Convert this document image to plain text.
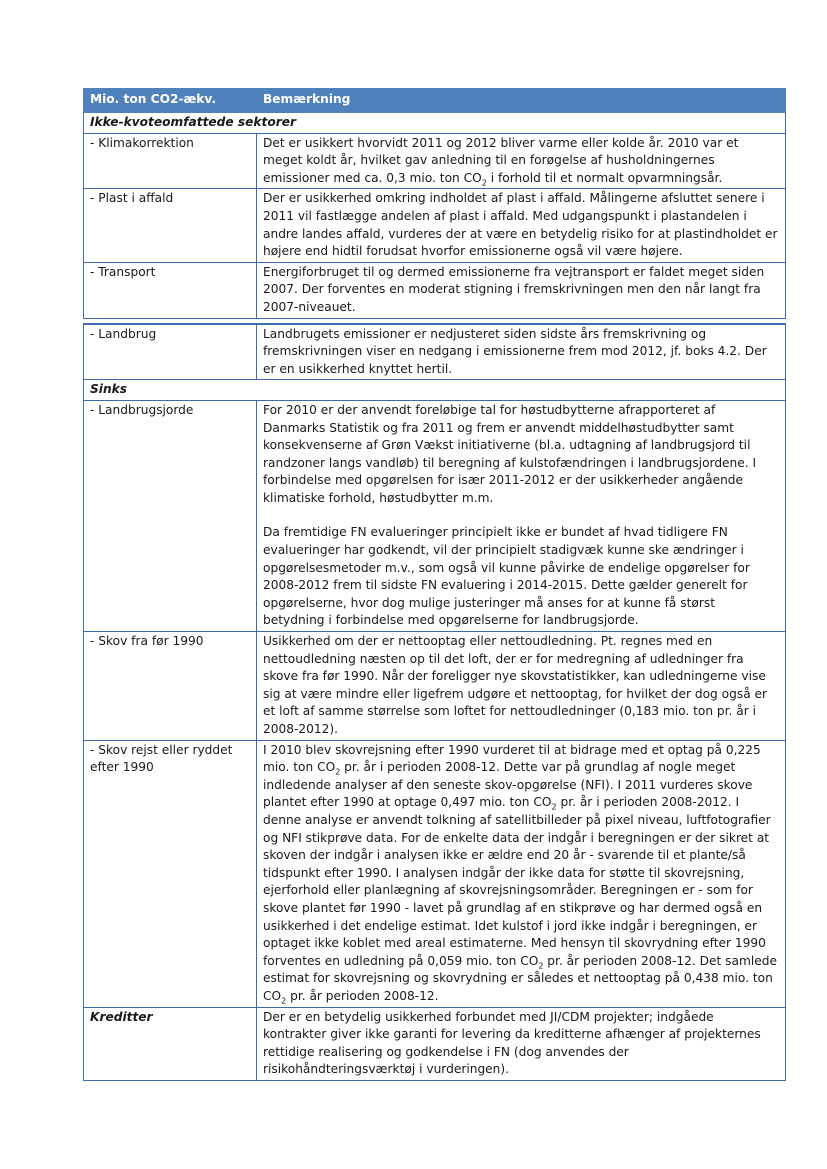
Mio. ton CO2-ækv.	Bemærkning
Ikke-kvoteomfattede sektorer	
- Klimakorrektion	Det er usikkert hvorvidt 2011 og 2012 bliver varme eller kolde år. 2010 var et meget koldt år, hvilket gav anledning til en forøgelse af husholdningernes emissioner med ca. 0,3 mio. ton $CO_2$ i forhold til et normalt opvarmningsår.
- Plast i affald	Der er usikkerhed omkring indholdet af plast i affald. Målingerne afsluttet senere i 2011 vil fastlægge andelen af plast i affald. Med udgangspunkt i plastandelen i andre landes affald, vurderes der at være en betydelig risiko for at plastindholdet er højere end hidtil forudsat hvorfor emissionerne også vil være højere.
- Transport	Energiforbruget til og dermed emissionerne fra vejtransport er faldet meget siden 2007. Der forventes en moderat stigning i fremskrivningen men den når langt fra 2007-niveauet.

- Landbrug	Landbrugets emissioner er nedjusteret siden sidste års fremskrivning og fremskrivningen viser en nedgang i emissionerne frem mod 2012, jf. boks 4.2. Der er en usikkerhed knyttet hertil.
Sinks	
- Landbrugsjorde	For 2010 er der anvendt foreløbige tal for høstudbytterne afrapporteret af Danmarks Statistik og fra 2011 og frem er anvendt middelhøstudbytter samt konsekvenserne af Grøn Vækst initiativerne (bl.a. udtagning af landbrugsjord til randzoner langs vandløb) til beregning af kulstofændringen i landbrugsjordene. I forbindelse med opgørelsen for især 2011-2012 er der usikkerheder angående klimatiske forhold, høstudbytter m.m.
Da fremtidige FN evalueringer principielt ikke er bundet af hvad tidligere FN evalueringer har godkendt, vil der principielt stadigvæk kunne ske ændringer i opgørelsesmetoder m.v., som også vil kunne påvirke de endelige opgørelser for 2008-2012 frem til sidste FN evaluering i 2014-2015. Dette gælder generelt for opgørelserne, hvor dog mulige justeringer må anses for at kunne få størst betydning i forbindelse med opgørelserne for landbrugsjorde.

- Skov fra før 1990	Usikkerhed om der er nettooptag eller nettoudledning. Pt. regnes med en nettoudledning næsten op til det loft, der er for medregning af udledninger fra skove fra før 1990. Når der foreligger nye skovstatistikker, kan udledningerne vise sig at være mindre eller ligefrem udgøre et nettooptag, for hvilket der dog også er et loft af samme størrelse som loftet for nettoudledninger (0,183 mio. ton pr. år i 2008-2012).
- Skov rejst eller ryddet efter 1990	I 2010 blev skovrejsning efter 1990 vurderet til at bidrage med et optag på 0,225 mio. ton $CO_2$ pr. år i perioden 2008-12. Dette var på grundlag af nogle meget indledende analyser af den seneste skov-opgørelse (NFI). I 2011 vurderes skove plantet efter 1990 at optage 0,497 mio. ton $CO_2$ pr. år i perioden 2008-2012. I denne analyse er anvendt tolkning af satellitbilleder på pixel niveau, luftfotografier og NFI stikprøve data. For de enkelte data der indgår i beregningen er der sikret at skoven der indgår i analysen ikke er ældre end 20 år - svarende til et plante/så tidspunkt efter 1990. I analysen indgår der ikke data for støtte til skovrejsning, ejerforhold eller planlægning af skovrejsningsområder. Beregningen er - som for skove plantet før 1990 - lavet på grundlag af en stikprøve og har dermed også en usikkerhed i det endelige estimat. Idet kulstof i jord ikke indgår i beregningen, er optaget ikke koblet med areal estimaterne. Med hensyn til skovrydning efter 1990 forventes en udledning på 0,059 mio. ton $CO_2$ pr. år perioden 2008-12. Det samlede estimat for skovrejsning og skovrydning er således et nettooptag på 0,438 mio. ton $CO_2$ pr. år perioden 2008-12.
Kreditter	Der er en betydelig usikkerhed forbundet med JI/CDM projekter; indgåede kontrakter giver ikke garanti for levering da kreditterne afhænger af projekternes rettidige realisering og godkendelse i FN (dog anvendes der risikohåndteringsværktøj i vurderingen).
